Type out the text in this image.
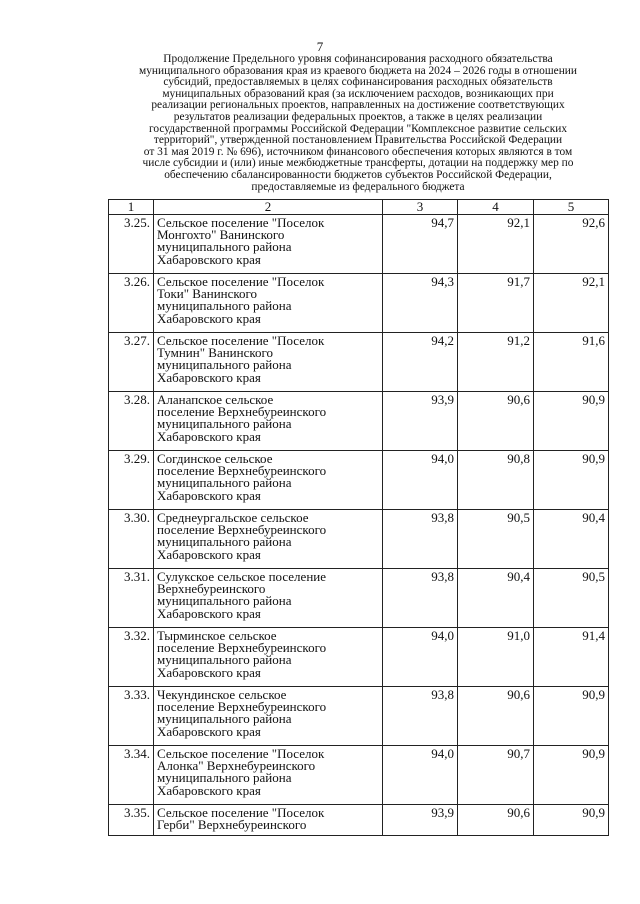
7
Продолжение Предельного уровня софинансирования расходного обязательства
муниципального образования края из краевого бюджета на 2024 – 2026 годы в отношении
субсидий, предоставляемых в целях софинансирования расходных обязательств
муниципальных образований края (за исключением расходов, возникающих при
реализации региональных проектов, направленных на достижение соответствующих
результатов реализации федеральных проектов, а также в целях реализации
государственной программы Российской Федерации "Комплексное развитие сельских
территорий", утвержденной постановлением Правительства Российской Федерации
от 31 мая 2019 г. № 696), источником финансового обеспечения которых являются в том
числе субсидии и (или) иные межбюджетные трансферты, дотации на поддержку мер по
обеспечению сбалансированности бюджетов субъектов Российской Федерации,
предоставляемые из федерального бюджета
1	2	3	4	5
3.25.	Сельское поселение "Поселок
Монгохто" Ванинского
муниципального района
Хабаровского края	94,7	92,1	92,6
3.26.	Сельское поселение "Поселок
Токи" Ванинского
муниципального района
Хабаровского края	94,3	91,7	92,1
3.27.	Сельское поселение "Поселок
Тумнин" Ванинского
муниципального района
Хабаровского края	94,2	91,2	91,6
3.28.	Аланапское сельское
поселение Верхнебуреинского
муниципального района
Хабаровского края	93,9	90,6	90,9
3.29.	Согдинское сельское
поселение Верхнебуреинского
муниципального района
Хабаровского края	94,0	90,8	90,9
3.30.	Среднеургальское сельское
поселение Верхнебуреинского
муниципального района
Хабаровского края	93,8	90,5	90,4
3.31.	Сулукское сельское поселение
Верхнебуреинского
муниципального района
Хабаровского края	93,8	90,4	90,5
3.32.	Тырминское сельское
поселение Верхнебуреинского
муниципального района
Хабаровского края	94,0	91,0	91,4
3.33.	Чекундинское сельское
поселение Верхнебуреинского
муниципального района
Хабаровского края	93,8	90,6	90,9
3.34.	Сельское поселение "Поселок
Алонка" Верхнебуреинского
муниципального района
Хабаровского края	94,0	90,7	90,9
3.35.	Сельское поселение "Поселок
Герби" Верхнебуреинского	93,9	90,6	90,9
